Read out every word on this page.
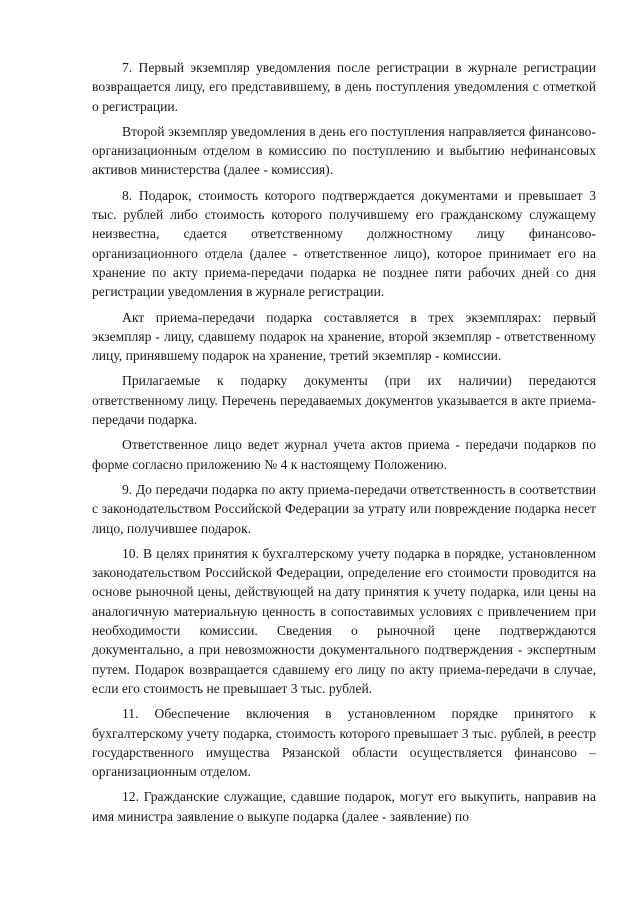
7. Первый экземпляр уведомления после регистрации в журнале регистрации возвращается лицу, его представившему, в день поступления уведомления с отметкой о регистрации.

Второй экземпляр уведомления в день его поступления направляется финансово-организационным отделом в комиссию по поступлению и выбытию нефинансовых активов министерства (далее - комиссия).

8. Подарок, стоимость которого подтверждается документами и превышает 3 тыс. рублей либо стоимость которого получившему его гражданскому служащему неизвестна, сдается ответственному должностному лицу финансово-организационного отдела (далее - ответственное лицо), которое принимает его на хранение по акту приема-передачи подарка не позднее пяти рабочих дней со дня регистрации уведомления в журнале регистрации.

Акт приема-передачи подарка составляется в трех экземплярах: первый экземпляр - лицу, сдавшему подарок на хранение, второй экземпляр - ответственному лицу, принявшему подарок на хранение, третий экземпляр - комиссии.

Прилагаемые к подарку документы (при их наличии) передаются ответственному лицу. Перечень передаваемых документов указывается в акте приема-передачи подарка.

Ответственное лицо ведет журнал учета актов приема - передачи подарков по форме согласно приложению № 4 к настоящему Положению.

9. До передачи подарка по акту приема-передачи ответственность в соответствии с законодательством Российской Федерации за утрату или повреждение подарка несет лицо, получившее подарок.

10. В целях принятия к бухгалтерскому учету подарка в порядке, установленном законодательством Российской Федерации, определение его стоимости проводится на основе рыночной цены, действующей на дату принятия к учету подарка, или цены на аналогичную материальную ценность в сопоставимых условиях с привлечением при необходимости комиссии. Сведения о рыночной цене подтверждаются документально, а при невозможности документального подтверждения - экспертным путем. Подарок возвращается сдавшему его лицу по акту приема-передачи в случае, если его стоимость не превышает 3 тыс. рублей.

11. Обеспечение включения в установленном порядке принятого к бухгалтерскому учету подарка, стоимость которого превышает 3 тыс. рублей, в реестр государственного имущества Рязанской области осуществляется финансово – организационным отделом.

12. Гражданские служащие, сдавшие подарок, могут его выкупить, направив на имя министра заявление о выкупе подарка (далее - заявление) по
